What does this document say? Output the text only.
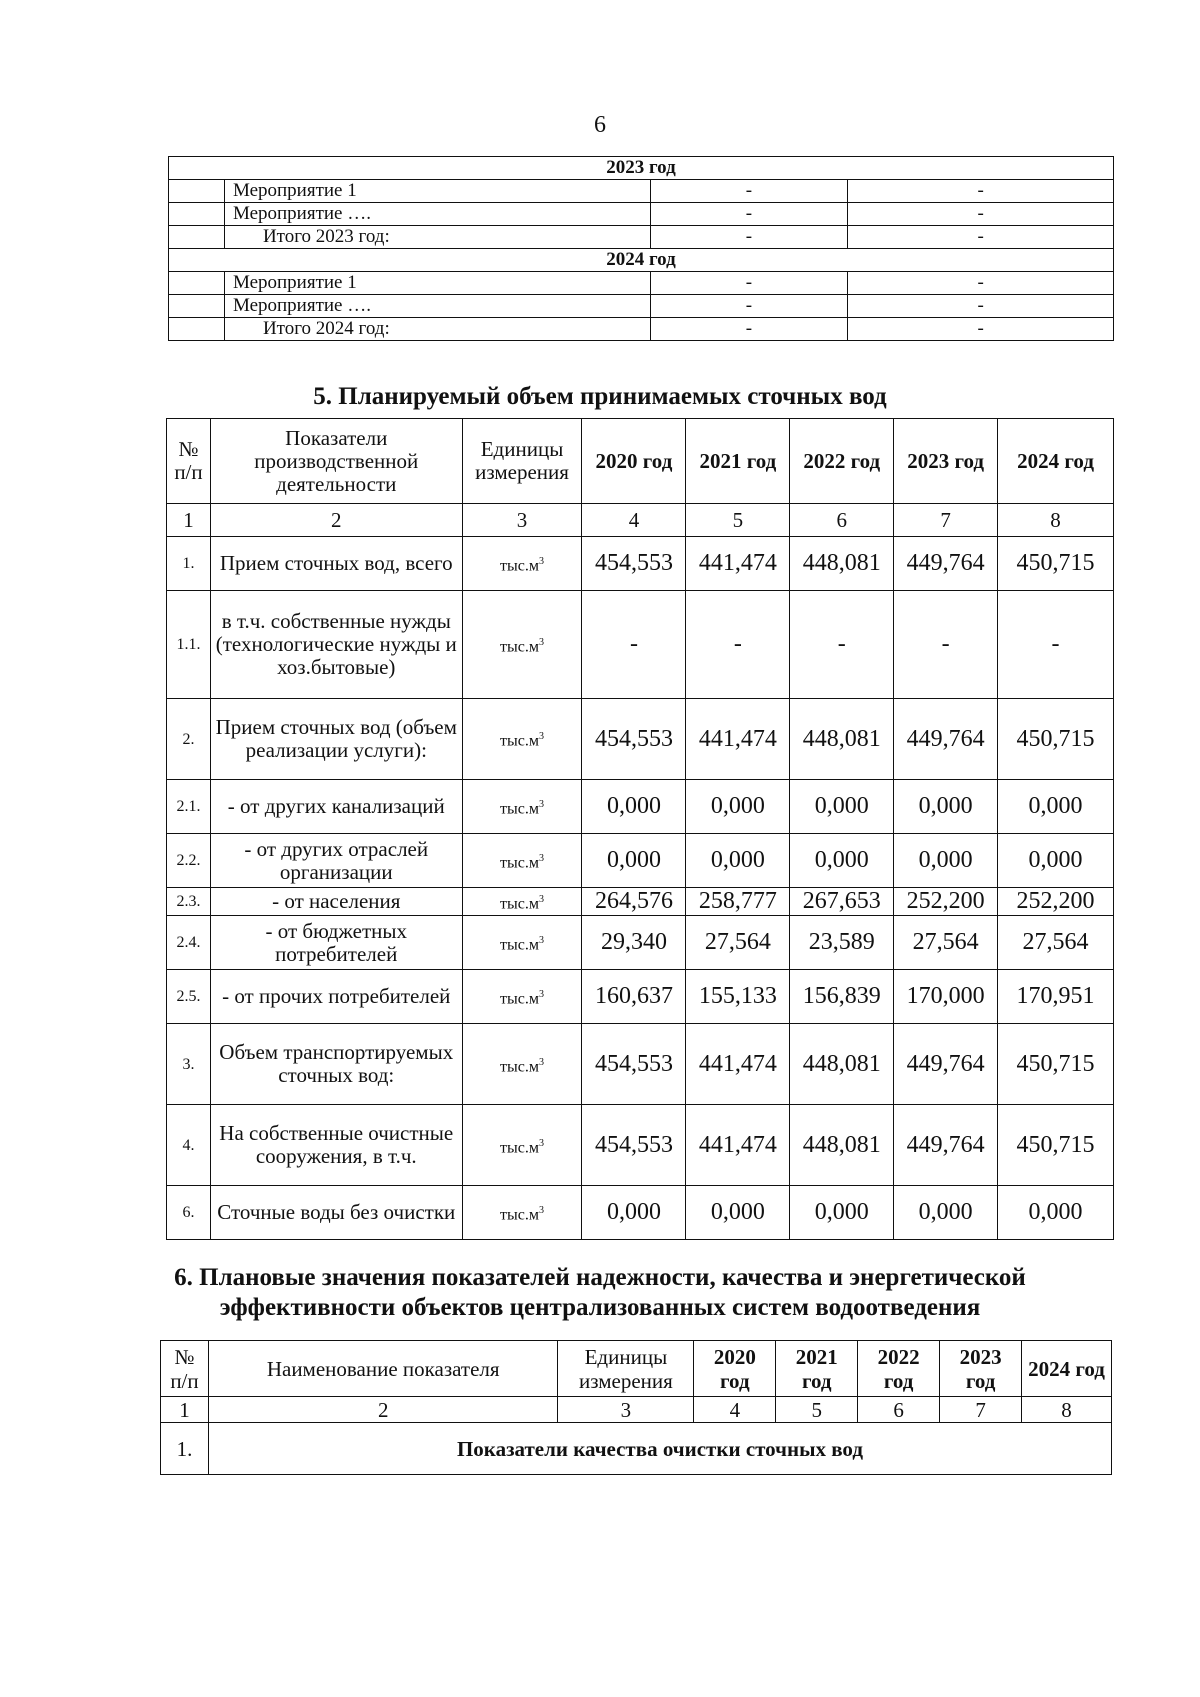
6
2023 год			
	Мероприятие 1	-	-
	Мероприятие ….	-	-
	Итого 2023 год:	-	-
2024 год			
	Мероприятие 1	-	-
	Мероприятие ….	-	-
	Итого 2024 год:	-	-
5. Планируемый объем принимаемых сточных вод
№ п/п	Показатели производственной деятельности	Единицы измерения	2020 год	2021 год	2022 год	2023 год	2024 год
1	2	3	4	5	6	7	8
1.	Прием сточных вод, всего	$тыс.м^3$	454,553	441,474	448,081	449,764	450,715
1.1.	в т.ч. собственные нужды (технологические нужды и хоз.бытовые)	$тыс.м^3$	-	-	-	-	-
2.	Прием сточных вод (объем реализации услуги):	$тыс.м^3$	454,553	441,474	448,081	449,764	450,715
2.1.	- от других канализаций	$тыс.м^3$	0,000	0,000	0,000	0,000	0,000
2.2.	- от других отраслей организации	$тыс.м^3$	0,000	0,000	0,000	0,000	0,000
2.3.	- от населения	$тыс.м^3$	264,576	258,777	267,653	252,200	252,200
2.4.	- от бюджетных потребителей	$тыс.м^3$	29,340	27,564	23,589	27,564	27,564
2.5.	- от прочих потребителей	$тыс.м^3$	160,637	155,133	156,839	170,000	170,951
3.	Объем транспортируемых сточных вод:	$тыс.м^3$	454,553	441,474	448,081	449,764	450,715
4.	На собственные очистные сооружения, в т.ч.	$тыс.м^3$	454,553	441,474	448,081	449,764	450,715
6.	Сточные воды без очистки	$тыс.м^3$	0,000	0,000	0,000	0,000	0,000
6. Плановые значения показателей надежности, качества и энергетической
эффективности объектов централизованных систем водоотведения
№ п/п	Наименование показателя	Единицы измерения	2020 год	2021 год	2022 год	2023 год	2024 год
1	2	3	4	5	6	7	8
1.	Показатели качества очистки сточных вод						
